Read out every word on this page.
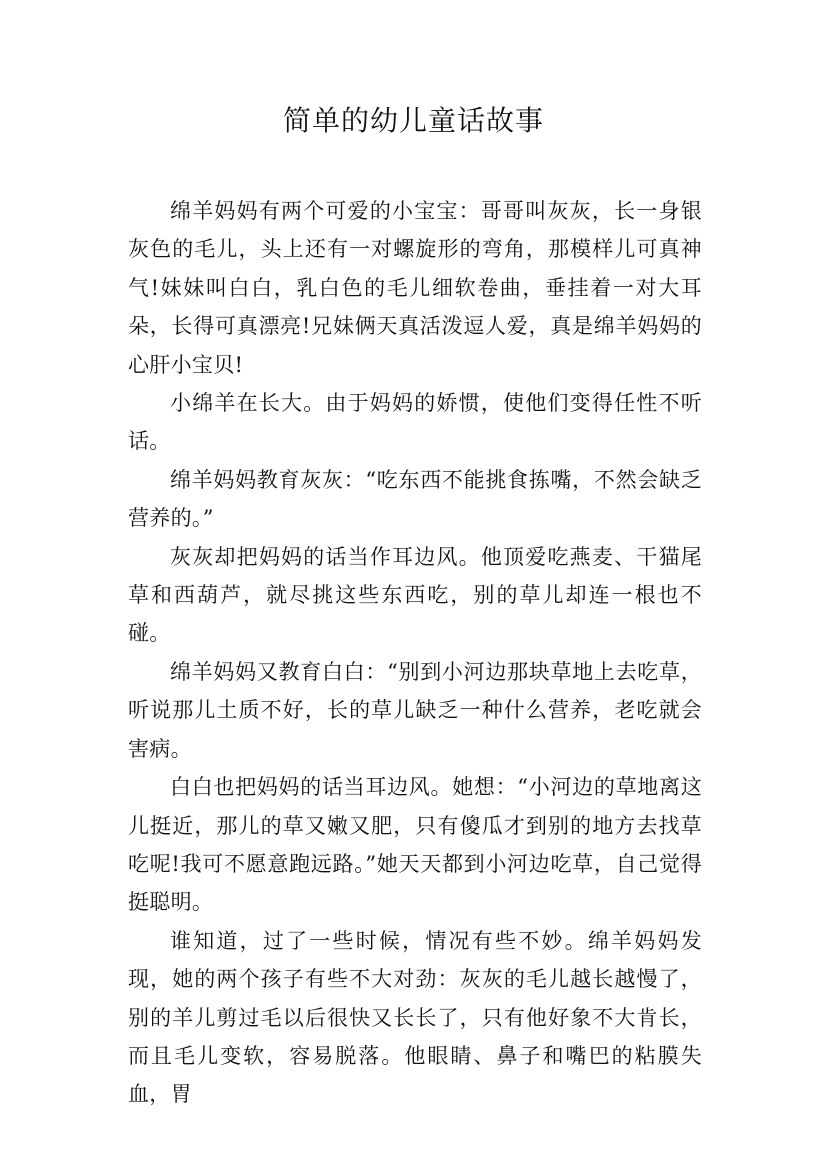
简单的幼儿童话故事

绵羊妈妈有两个可爱的小宝宝：哥哥叫灰灰，长一身银灰色的毛儿，头上还有一对螺旋形的弯角，那模样儿可真神气!妹妹叫白白，乳白色的毛儿细软卷曲，垂挂着一对大耳朵，长得可真漂亮!兄妹俩天真活泼逗人爱，真是绵羊妈妈的心肝小宝贝!

小绵羊在长大。由于妈妈的娇惯，使他们变得任性不听话。

绵羊妈妈教育灰灰：“吃东西不能挑食拣嘴，不然会缺乏营养的。”

灰灰却把妈妈的话当作耳边风。他顶爱吃燕麦、干猫尾草和西葫芦，就尽挑这些东西吃，别的草儿却连一根也不碰。

绵羊妈妈又教育白白：“别到小河边那块草地上去吃草，听说那儿土质不好，长的草儿缺乏一种什么营养，老吃就会害病。

白白也把妈妈的话当耳边风。她想：“小河边的草地离这儿挺近，那儿的草又嫩又肥，只有傻瓜才到别的地方去找草吃呢!我可不愿意跑远路。”她天天都到小河边吃草，自己觉得挺聪明。

谁知道，过了一些时候，情况有些不妙。绵羊妈妈发现，她的两个孩子有些不大对劲：灰灰的毛儿越长越慢了，别的羊儿剪过毛以后很快又长长了，只有他好象不大肯长，而且毛儿变软，容易脱落。他眼睛、鼻子和嘴巴的粘膜失血，胃
